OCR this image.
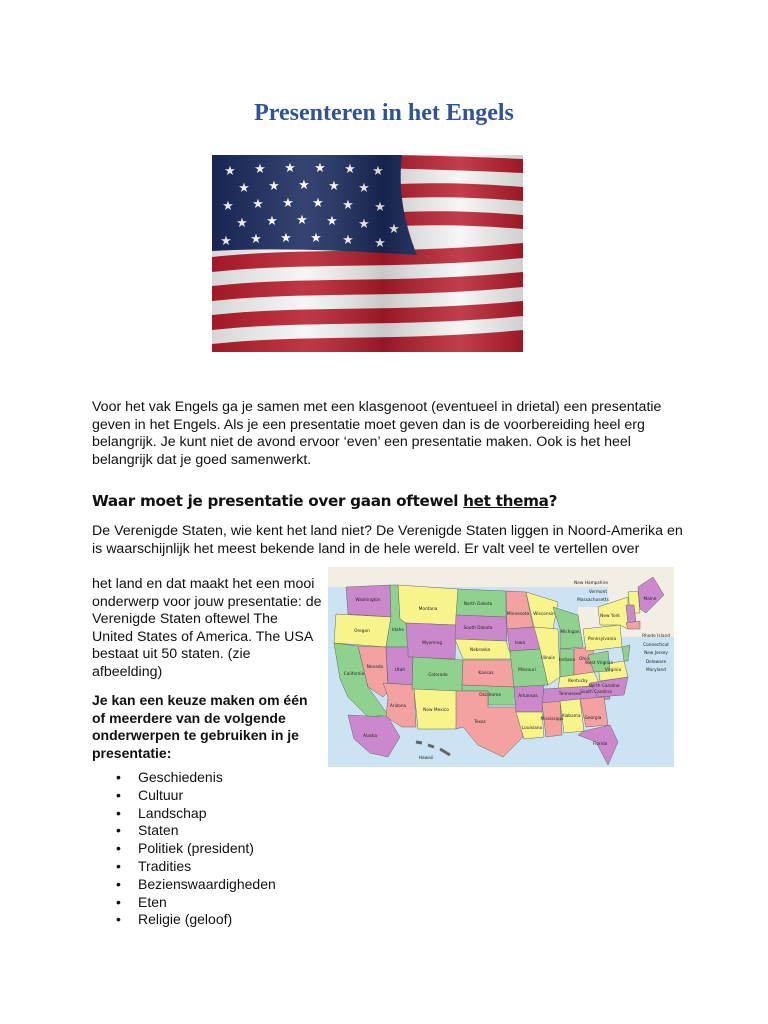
Presenteren in het Engels

Voor het vak Engels ga je samen met een klasgenoot (eventueel in drietal) een presentatie geven in het Engels. Als je een presentatie moet geven dan is de voorbereiding heel erg belangrijk. Je kunt niet de avond ervoor ‘even’ een presentatie maken. Ook is het heel belangrijk dat je goed samenwerkt.

Waar moet je presentatie over gaan oftewel het thema?

De Verenigde Staten, wie kent het land niet? De Verenigde Staten liggen in Noord-Amerika en is waarschijnlijk het meest bekende land in de hele wereld. Er valt veel te vertellen over

het land en dat maakt het een mooi onderwerp voor jouw presentatie: de Verenigde Staten oftewel The United States of America. The USA bestaat uit 50 staten. (zie afbeelding)

Washington
Oregon
California
Idaho
Nevada
Montana
Wyoming
Utah
Arizona
Colorado
New Mexico
North Dakota
South Dakota
Nebraska
Kansas
Oklahoma
Texas
Minnesota
Iowa
Missouri
Arkansas
Louisiana
Wisconsin
Illinois
Michigan
Indiana Ohio
Kentucky
Tennessee
Mississippi
Alabama Georgia
Florida
South Carolina
North Carolina
Virginia
West Virginia
Pennsylvania
New York
Maine
Vermont
New Hampshire
Massachusetts
Rhode Island
Connecticut
New Jersey
Delaware
Maryland
Alaska
Hawaii

Je kan een keuze maken om één of meerdere van de volgende onderwerpen te gebruiken in je presentatie:

• Geschiedenis
• Cultuur
• Landschap
• Staten
• Politiek (president)
• Tradities
• Bezienswaardigheden
• Eten
• Religie (geloof)
